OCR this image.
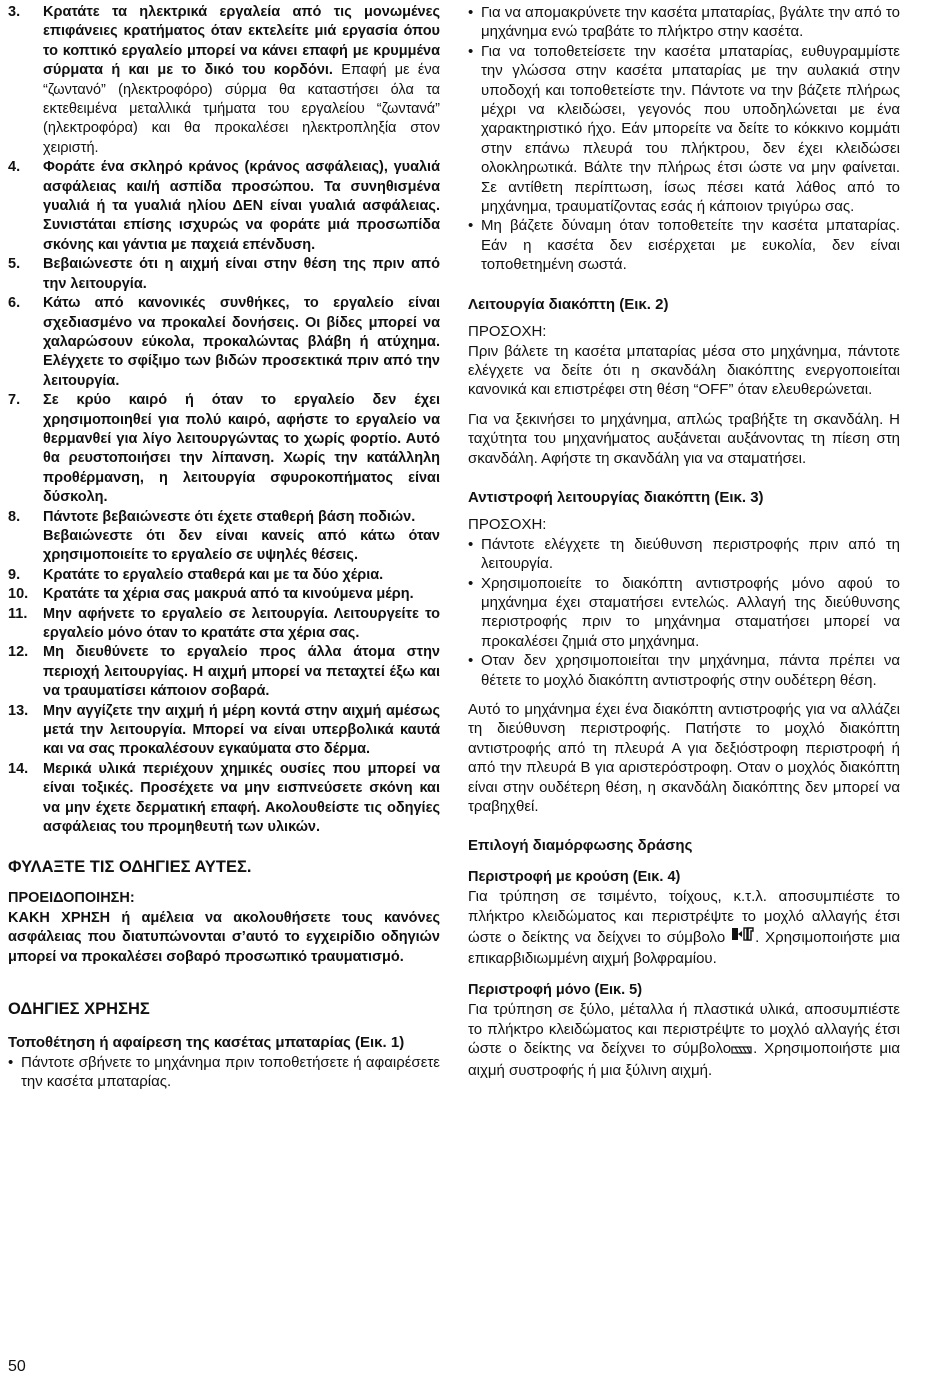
3.	Κρατάτε τα ηλεκτρικά εργαλεία από τις μονωμένες επιφάνειες κρατήματος όταν εκτελείτε μιά εργασία όπου το κοπτικό εργαλείο μπορεί να κάνει επαφή με κρυμμένα σύρματα ή και με το δικό του κορδόνι. Επαφή με ένα “ζωντανό” (ηλεκτροφόρο) σύρμα θα καταστήσει όλα τα εκτεθειμένα μεταλλικά τμήματα του εργαλείου “ζωντανά” (ηλεκτροφόρα) και θα προκαλέσει ηλεκτροπληξία στον χειριστή.
4.	Φοράτε ένα σκληρό κράνος (κράνος ασφάλειας), γυαλιά ασφάλειας και/ή ασπίδα προσώπου. Τα συνηθισμένα γυαλιά ή τα γυαλιά ηλίου ΔΕΝ είναι γυαλιά ασφάλειας. Συνιστάται επίσης ισχυρώς να φοράτε μιά προσωπίδα σκόνης και γάντια με παχειά επένδυση.
5.	Βεβαιώνεστε ότι η αιχμή είναι στην θέση της πριν από την λειτουργία.
6.	Κάτω από κανονικές συνθήκες, το εργαλείο είναι σχεδιασμένο να προκαλεί δονήσεις. Οι βίδες μπορεί να χαλαρώσουν εύκολα, προκαλώντας βλάβη ή ατύχημα. Ελέγχετε το σφίξιμο των βιδών προσεκτικά πριν από την λειτουργία.
7.	Σε κρύο καιρό ή όταν το εργαλείο δεν έχει χρησιμοποιηθεί για πολύ καιρό, αφήστε το εργαλείο να θερμανθεί για λίγο λειτουργώντας το χωρίς φορτίο. Αυτό θα ρευστοποιήσει την λίπανση. Χωρίς την κατάλληλη προθέρμανση, η λειτουργία σφυροκοπήματος είναι δύσκολη.
8.	Πάντοτε βεβαιώνεστε ότι έχετε σταθερή βάση ποδιών.
Βεβαιώνεστε ότι δεν είναι κανείς από κάτω όταν χρησιμοποιείτε το εργαλείο σε υψηλές θέσεις.
9.	Κρατάτε το εργαλείο σταθερά και με τα δύο χέρια.
10.	Κρατάτε τα χέρια σας μακρυά από τα κινούμενα μέρη.
11.	Μην αφήνετε το εργαλείο σε λειτουργία. Λειτουργείτε το εργαλείο μόνο όταν το κρατάτε στα χέρια σας.
12.	Μη διευθύνετε το εργαλείο προς άλλα άτομα στην περιοχή λειτουργίας. Η αιχμή μπορεί να πεταχτεί έξω και να τραυματίσει κάποιον σοβαρά.
13.	Μην αγγίζετε την αιχμή ή μέρη κοντά στην αιχμή αμέσως μετά την λειτουργία. Μπορεί να είναι υπερβολικά καυτά και να σας προκαλέσουν εγκαύματα στο δέρμα.
14.	Μερικά υλικά περιέχουν χημικές ουσίες που μπορεί να είναι τοξικές. Προσέχετε να μην εισπνεύσετε σκόνη και να μην έχετε δερματική επαφή. Ακολουθείστε τις οδηγίες ασφάλειας του προμηθευτή των υλικών.
ΦΥΛΑΞΤΕ ΤΙΣ ΟΔΗΓΙΕΣ ΑΥΤΕΣ.
ΠΡΟΕΙΔΟΠΟΙΗΣΗ:
ΚΑΚΗ ΧΡΗΣΗ ή αμέλεια να ακολουθήσετε τους κανόνες ασφάλειας που διατυπώνονται σ’αυτό το εγχειρίδιο οδηγιών μπορεί να προκαλέσει σοβαρό προσωπικό τραυματισμό.
ΟΔΗΓΙΕΣ ΧΡΗΣΗΣ
Τοποθέτηση ή αφαίρεση της κασέτας μπαταρίας (Εικ. 1)
• Πάντοτε σβήνετε το μηχάνημα πριν τοποθετήσετε ή αφαιρέσετε την κασέτα μπαταρίας.
• Για να απομακρύνετε την κασέτα μπαταρίας, βγάλτε την από το μηχάνημα ενώ τραβάτε το πλήκτρο στην κασέτα.
• Για να τοποθετείσετε την κασέτα μπαταρίας, ευθυγραμμίστε την γλώσσα στην κασέτα μπαταρίας με την αυλακιά στην υποδοχή και τοποθετείστε την. Πάντοτε να την βάζετε πλήρως μέχρι να κλειδώσει, γεγονός που υποδηλώνεται με ένα χαρακτηριστικό ήχο. Εάν μπορείτε να δείτε το κόκκινο κομμάτι στην επάνω πλευρά του πλήκτρου, δεν έχει κλειδώσει ολοκληρωτικά. Βάλτε την πλήρως έτσι ώστε να μην φαίνεται. Σε αντίθετη περίπτωση, ίσως πέσει κατά λάθος από το μηχάνημα, τραυματίζοντας εσάς ή κάποιον τριγύρω σας.
• Μη βάζετε δύναμη όταν τοποθετείτε την κασέτα μπαταρίας. Εάν η κασέτα δεν εισέρχεται με ευκολία, δεν είναι τοποθετημένη σωστά.
Λειτουργία διακόπτη (Εικ. 2)
ΠΡΟΣΟΧΗ:
Πριν βάλετε τη κασέτα μπαταρίας μέσα στο μηχάνημα, πάντοτε ελέγχετε να δείτε ότι η σκανδάλη διακόπτης ενεργοποιείται κανονικά και επιστρέφει στη θέση “OFF” όταν ελευθερώνεται.
Για να ξεκινήσει το μηχάνημα, απλώς τραβήξτε τη σκανδάλη. Η ταχύτητα του μηχανήματος αυξάνεται αυξάνοντας τη πίεση στη σκανδάλη. Αφήστε τη σκανδάλη για να σταματήσει.
Αντιστροφή λειτουργίας διακόπτη (Εικ. 3)
ΠΡΟΣΟΧΗ:
• Πάντοτε ελέγχετε τη διεύθυνση περιστροφής πριν από τη λειτουργία.
• Χρησιμοποιείτε το διακόπτη αντιστροφής μόνο αφού το μηχάνημα έχει σταματήσει εντελώς. Αλλαγή της διεύθυνσης περιστροφής πριν το μηχάνημα σταματήσει μπορεί να προκαλέσει ζημιά στο μηχάνημα.
• Οταν δεν χρησιμοποιείται την μηχάνημα, πάντα πρέπει να θέτετε το μοχλό διακόπτη αντιστροφής στην ουδέτερη θέση.
Αυτό το μηχάνημα έχει ένα διακόπτη αντιστροφής για να αλλάζει τη διεύθυνση περιστροφής. Πατήστε το μοχλό διακόπτη αντιστροφής από τη πλευρά A για δεξιόστροφη περιστροφή ή από την πλευρά B για αριστερόστροφη. Οταν ο μοχλός διακόπτη είναι στην ουδέτερη θέση, η σκανδάλη διακόπτης δεν μπορεί να τραβηχθεί.
Επιλογή διαμόρφωσης δράσης
Περιστροφή με κρούση (Εικ. 4)
Για τρύπηση σε τσιμέντο, τοίχους, κ.τ.λ. αποσυμπιέστε το πλήκτρο κλειδώματος και περιστρέψτε το μοχλό αλλαγής έτσι ώστε ο δείκτης να δείχνει το σύμβολο . Χρησιμοποιήστε μια επικαρβιδιωμμένη αιχμή βολφραμίου.
Περιστροφή μόνο (Εικ. 5)
Για τρύπηση σε ξύλο, μέταλλα ή πλαστικά υλικά, αποσυμπιέστε το πλήκτρο κλειδώματος και περιστρέψτε το μοχλό αλλαγής έτσι ώστε ο δείκτης να δείχνει το σύμβολο . Χρησιμοποιήστε μια αιχμή συστροφής ή μια ξύλινη αιχμή.
50
